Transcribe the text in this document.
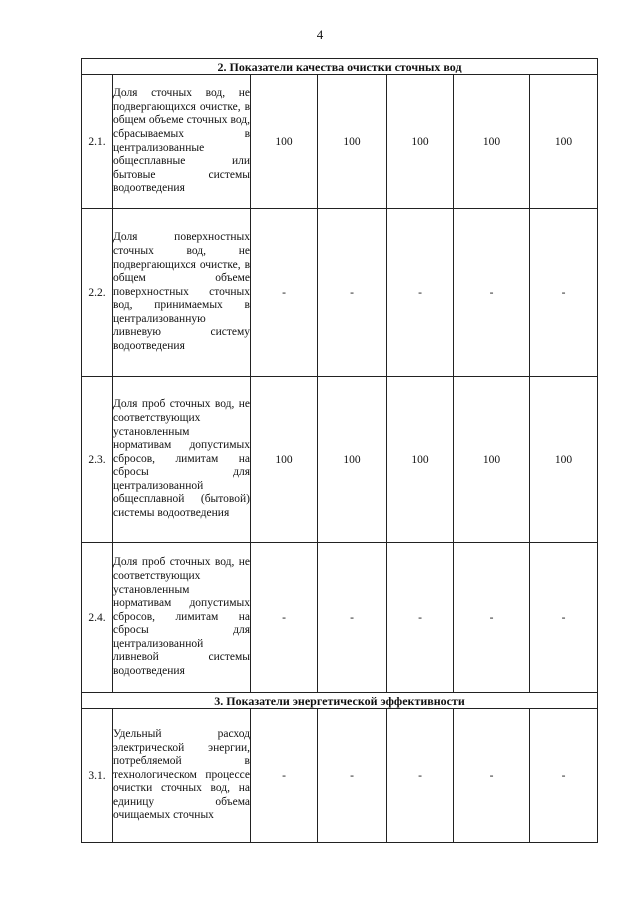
4
2. Показатели качества очистки сточных вод						
2.1.	Доля сточных вод, не подвергающихся очистке, в общем объеме сточных вод, сбрасываемых в централизованные общесплавные или бытовые системы водоотведения	100	100	100	100	100
2.2.	Доля поверхностных сточных вод, не подвергающихся очистке, в общем объеме поверхностных сточных вод, принимаемых в централизованную ливневую систему водоотведения	-	-	-	-	-
2.3.	Доля проб сточных вод, не соответствующих установленным нормативам допустимых сбросов, лимитам на сбросы для централизованной общесплавной (бытовой) системы водоотведения	100	100	100	100	100
2.4.	Доля проб сточных вод, не соответствующих установленным нормативам допустимых сбросов, лимитам на сбросы для централизованной ливневой системы водоотведения	-	-	-	-	-
3. Показатели энергетической эффективности						
3.1.	Удельный расход электрической энергии, потребляемой в технологическом процессе очистки сточных вод, на единицу объема очищаемых сточных	-	-	-	-	-
